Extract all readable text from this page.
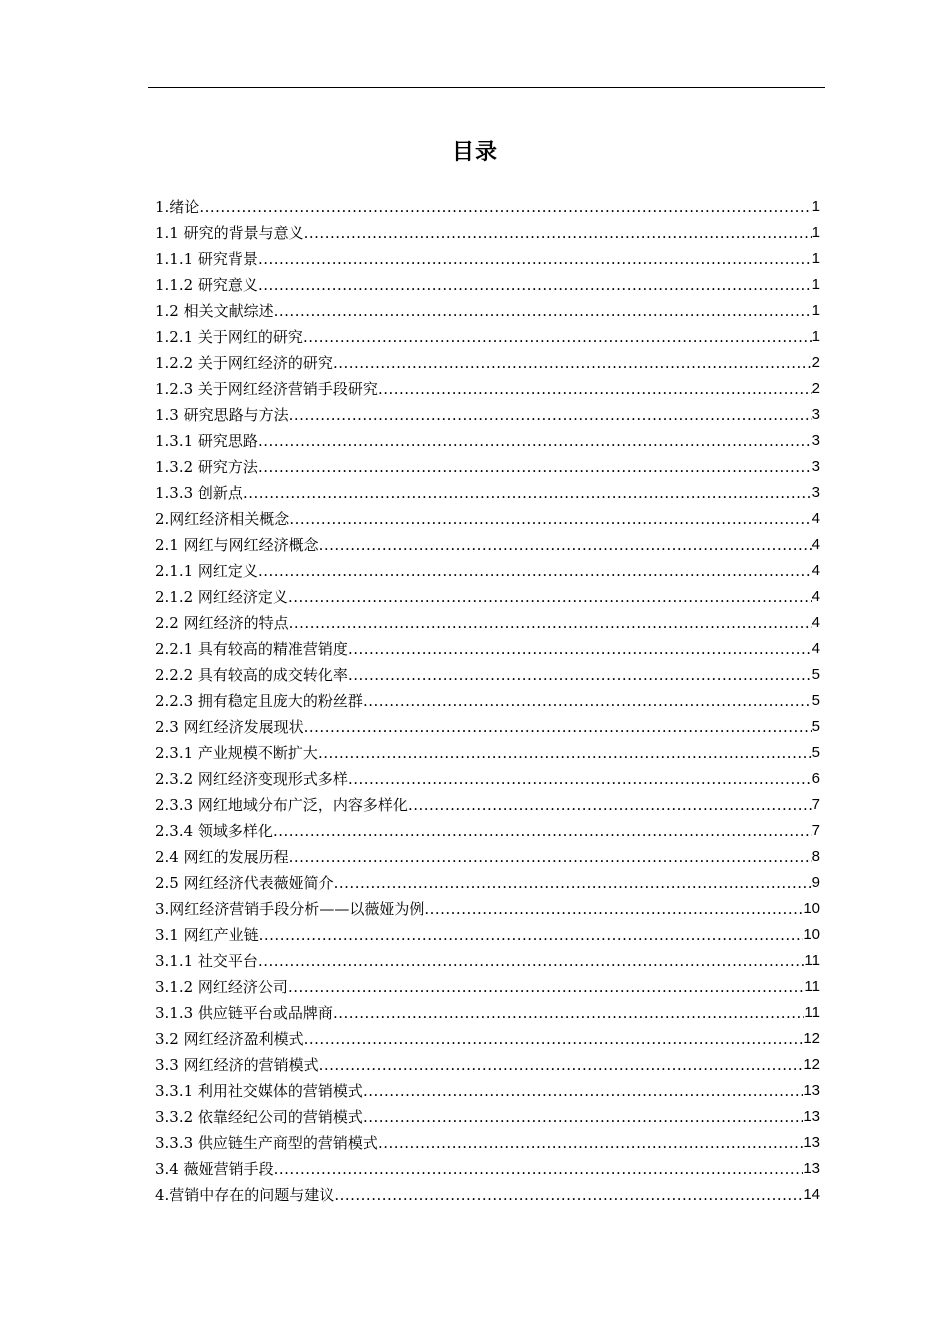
目录
1.绪论 .....	1
1.1 研究的背景与意义 .....	1
1.1.1 研究背景 .....	1
1.1.2 研究意义 .....	1
1.2 相关文献综述 .....	1
1.2.1 关于网红的研究 .....	1
1.2.2 关于网红经济的研究 .....	2
1.2.3 关于网红经济营销手段研究 .....	2
1.3 研究思路与方法 .....	3
1.3.1 研究思路 .....	3
1.3.2 研究方法 .....	3
1.3.3 创新点 .....	3
2.网红经济相关概念 .....	4
2.1 网红与网红经济概念 .....	4
2.1.1 网红定义 .....	4
2.1.2 网红经济定义 .....	4
2.2 网红经济的特点 .....	4
2.2.1 具有较高的精准营销度 .....	4
2.2.2 具有较高的成交转化率 .....	5
2.2.3 拥有稳定且庞大的粉丝群 .....	5
2.3 网红经济发展现状 .....	5
2.3.1 产业规模不断扩大 .....	5
2.3.2 网红经济变现形式多样 .....	6
2.3.3 网红地域分布广泛，内容多样化 .....	7
2.3.4 领域多样化 .....	7
2.4 网红的发展历程 .....	8
2.5 网红经济代表薇娅简介 .....	9
3.网红经济营销手段分析——以薇娅为例 .....	10
3.1 网红产业链 .....	10
3.1.1 社交平台 .....	11
3.1.2 网红经济公司 .....	11
3.1.3 供应链平台或品牌商 .....	11
3.2 网红经济盈利模式 .....	12
3.3 网红经济的营销模式 .....	12
3.3.1 利用社交媒体的营销模式 .....	13
3.3.2 依靠经纪公司的营销模式 .....	13
3.3.3 供应链生产商型的营销模式 .....	13
3.4 薇娅营销手段 .....	13
4.营销中存在的问题与建议 .....	14
